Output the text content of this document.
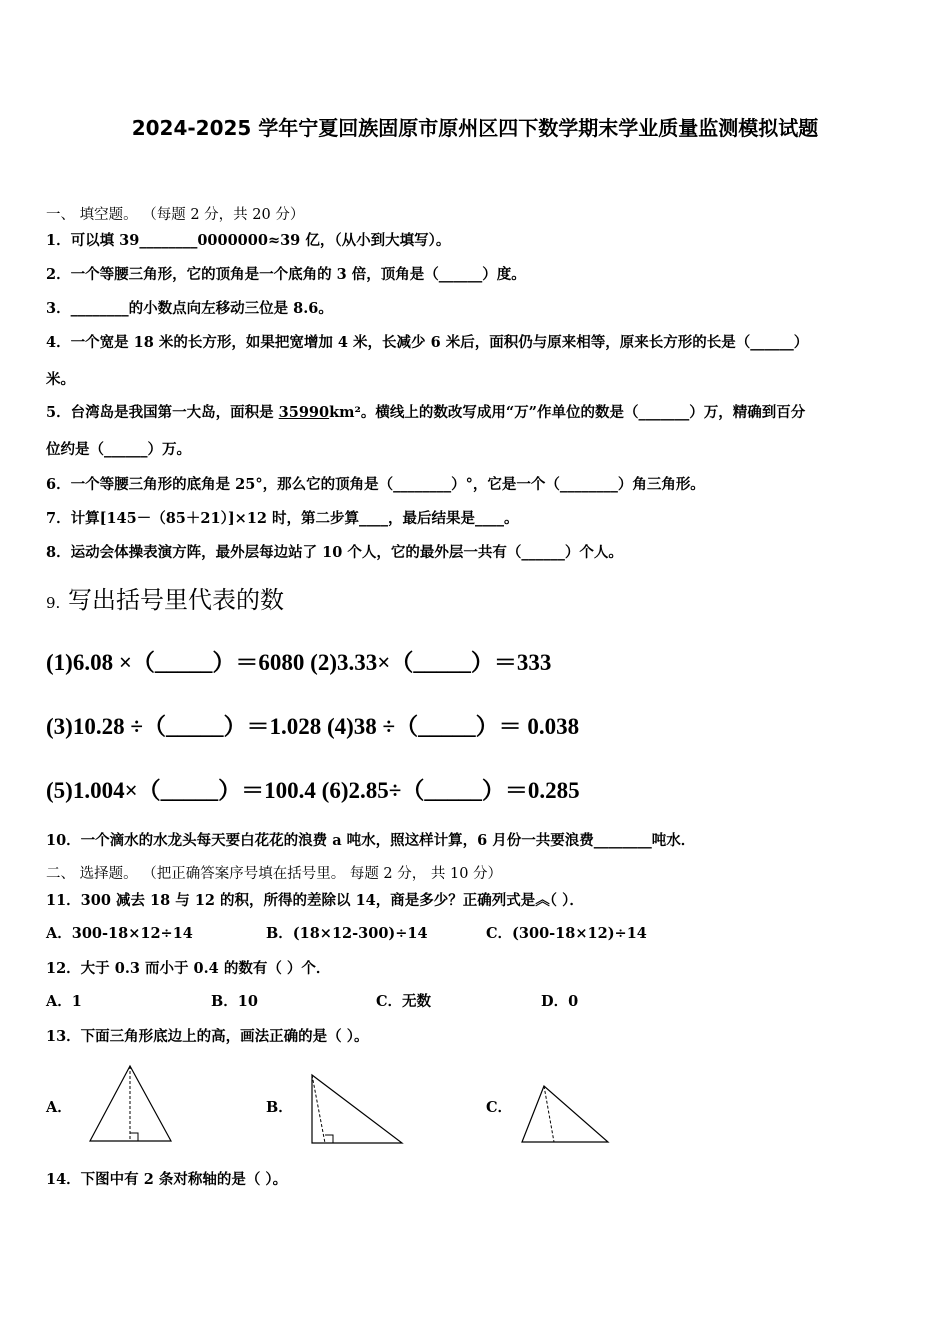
2024-2025 学年宁夏回族固原市原州区四下数学期末学业质量监测模拟试题
一、 填空题。 （每题 2 分，共 20 分）
1．可以填 39________0000000≈39 亿，（从小到大填写）。
2．一个等腰三角形，它的顶角是一个底角的 3 倍，顶角是（______）度。
3．________的小数点向左移动三位是 8.6。
4．一个宽是 18 米的长方形，如果把宽增加 4 米，长减少 6 米后，面积仍与原来相等，原来长方形的长是（______）
米。
5．台湾岛是我国第一大岛，面积是 35990km²。横线上的数改写成用“万”作单位的数是（_______）万，精确到百分
位约是（______）万。
6．一个等腰三角形的底角是 25°，那么它的顶角是（________）°，它是一个（________）角三角形。
7．计算[145－（85＋21）]×12 时，第二步算____，最后结果是____。
8．运动会体操表演方阵，最外层每边站了 10 个人，它的最外层一共有（______）个人。
9. 写出括号里代表的数
(1)6.08 ×（_____）＝6080 (2)3.33×（_____）＝333
(3)10.28 ÷（_____）＝1.028 (4)38 ÷（_____）＝ 0.038
(5)1.004×（_____）＝100.4 (6)2.85÷（_____）＝0.285
10．一个滴水的水龙头每天要白花花的浪费 a 吨水，照这样计算，6 月份一共要浪费________吨水．
二、 选择题。 （把正确答案序号填在括号里。 每题 2 分， 共 10 分）
11．300 减去 18 与 12 的积，所得的差除以 14，商是多少？正确列式是︽（ ）．
A．300-18×12÷14	B．(18×12-300)÷14	C．(300-18×12)÷14
12．大于 0.3 而小于 0.4 的数有（ ）个．
A．1	B．10	C．无数	D．0
13．下面三角形底边上的高，画法正确的是（ ）。
A．	B．	C．
14．下图中有 2 条对称轴的是（ ）。
